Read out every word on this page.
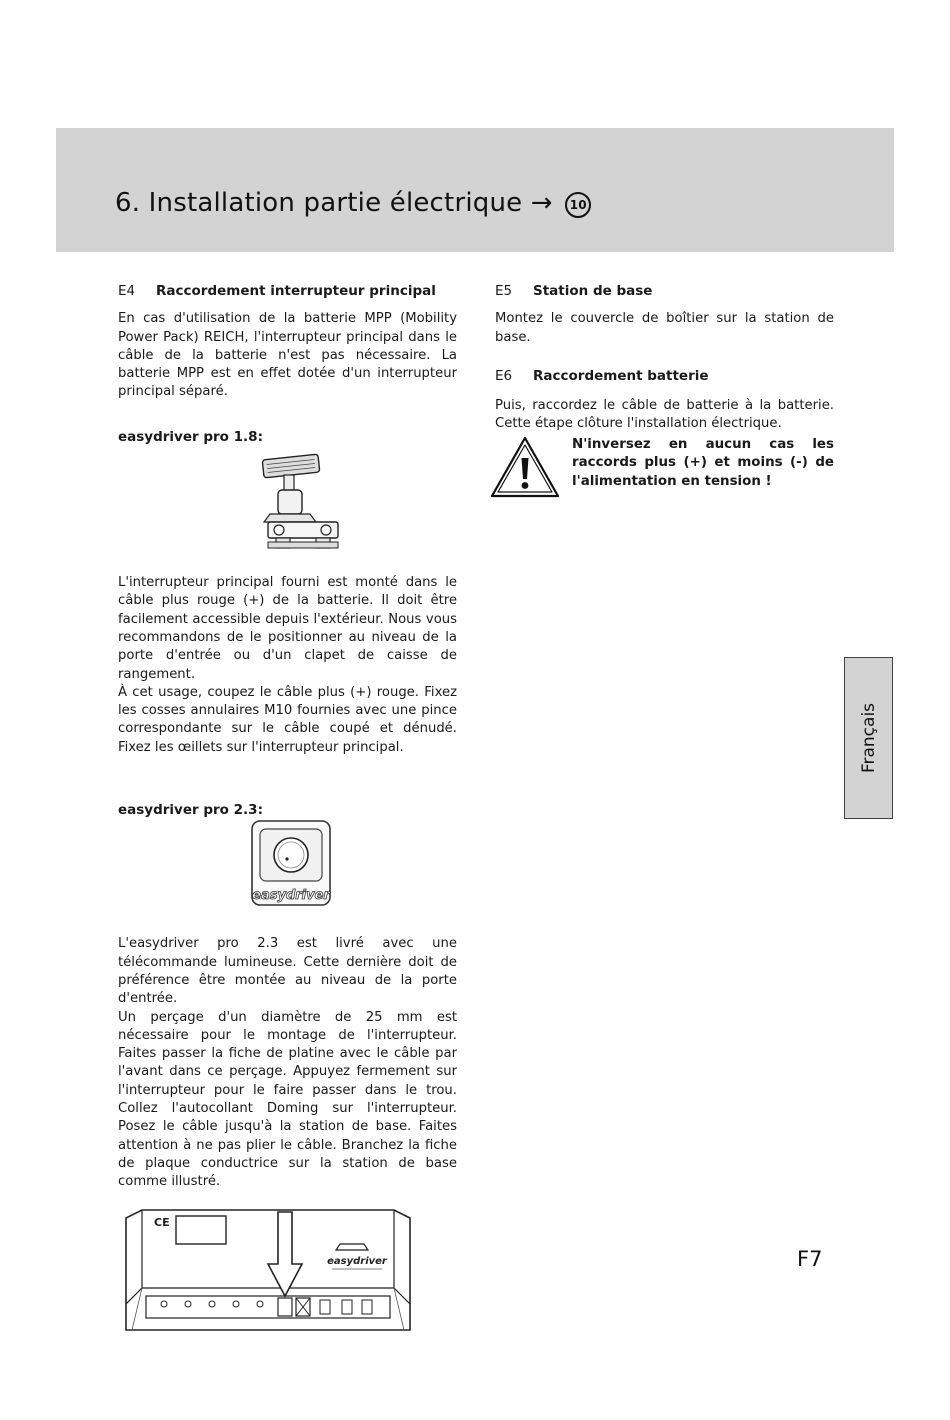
6. Installation partie électrique → 10
E4 Raccordement interrupteur principal

En cas d'utilisation de la batterie MPP (Mobility Power Pack) REICH, l'interrupteur principal dans le câble de la batterie n'est pas nécessaire. La batterie MPP est en effet dotée d'un interrupteur principal séparé.

easydriver pro 1.8:

L'interrupteur principal fourni est monté dans le câble plus rouge (+) de la batterie. Il doit être facilement accessible depuis l'extérieur. Nous vous recommandons de le positionner au niveau de la porte d'entrée ou d'un clapet de caisse de rangement.

À cet usage, coupez le câble plus (+) rouge. Fixez les cosses annulaires M10 fournies avec une pince correspondante sur le câble coupé et dénudé. Fixez les œillets sur l'interrupteur principal.

easydriver pro 2.3:
easydriver

L'easydriver pro 2.3 est livré avec une télécommande lumineuse. Cette dernière doit de préférence être montée au niveau de la porte d'entrée.

Un perçage d'un diamètre de 25 mm est nécessaire pour le montage de l'interrupteur. Faites passer la fiche de platine avec le câble par l'avant dans ce perçage. Appuyez fermement sur l'interrupteur pour le faire passer dans le trou. Collez l'autocollant Doming sur l'interrupteur. Posez le câble jusqu'à la station de base. Faites attention à ne pas plier le câble. Branchez la fiche de plaque conductrice sur la station de base comme illustré.

CE
easydriver
E5 Station de base

Montez le couvercle de boîtier sur la station de base.

E6 Raccordement batterie

Puis, raccordez le câble de batterie à la batterie. Cette étape clôture l'installation électrique.

N'inversez en aucun cas les raccords plus (+) et moins (-) de l'alimentation en tension !
Français
F7
